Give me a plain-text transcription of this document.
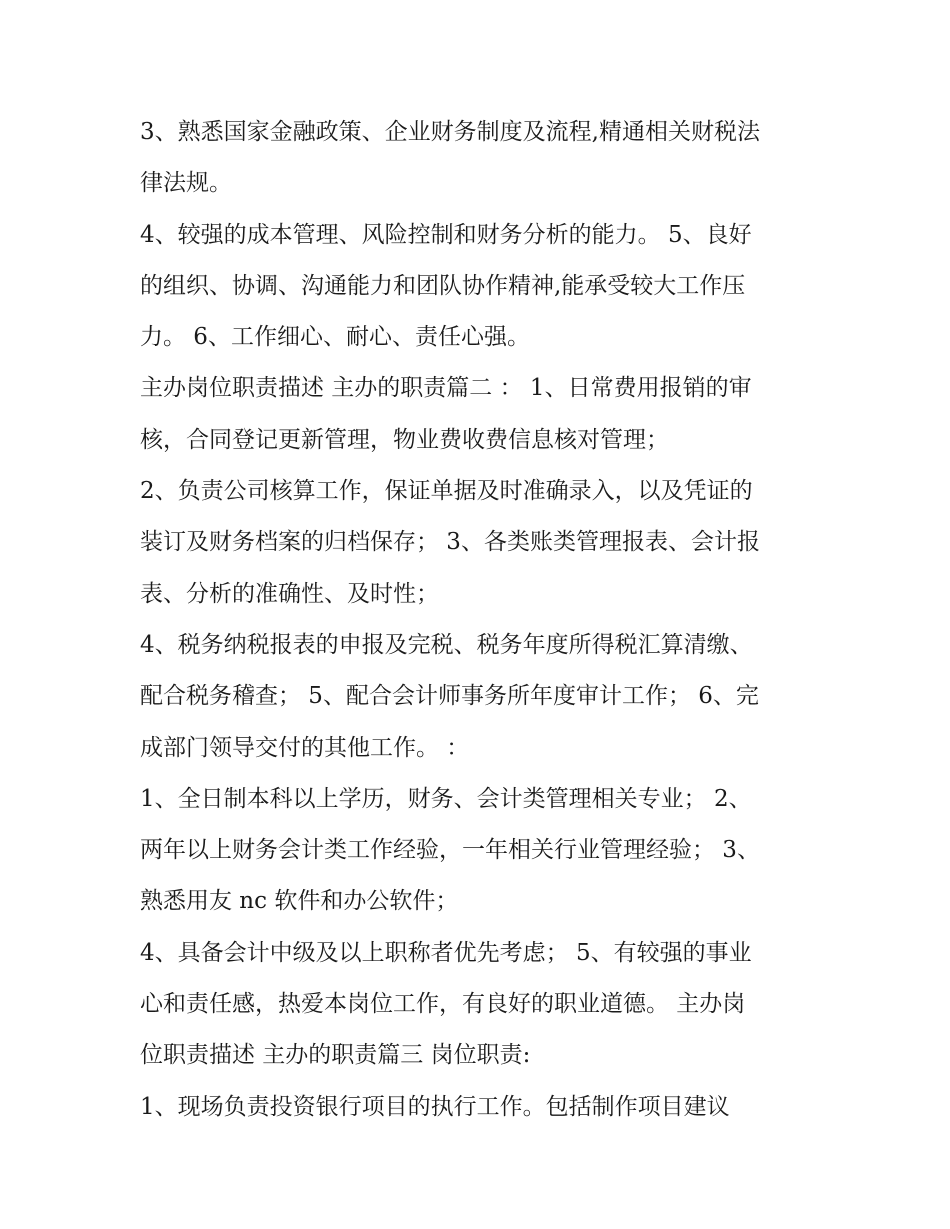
3、熟悉国家金融政策、企业财务制度及流程,精通相关财税法
律法规。
4、较强的成本管理、风险控制和财务分析的能力。 5、良好
的组织、协调、沟通能力和团队协作精神,能承受较大工作压
力。 6、工作细心、耐心、责任心强。
主办岗位职责描述 主办的职责篇二 ： 1、日常费用报销的审
核，合同登记更新管理，物业费收费信息核对管理；
2、负责公司核算工作，保证单据及时准确录入，以及凭证的
装订及财务档案的归档保存； 3、各类账类管理报表、会计报
表、分析的准确性、及时性；
4、税务纳税报表的申报及完税、税务年度所得税汇算清缴、
配合税务稽查； 5、配合会计师事务所年度审计工作； 6、完
成部门领导交付的其他工作。 ：
1、全日制本科以上学历，财务、会计类管理相关专业； 2、
两年以上财务会计类工作经验，一年相关行业管理经验； 3、
熟悉用友 nc 软件和办公软件；
4、具备会计中级及以上职称者优先考虑； 5、有较强的事业
心和责任感，热爱本岗位工作，有良好的职业道德。 主办岗
位职责描述 主办的职责篇三 岗位职责:
1、现场负责投资银行项目的执行工作。包括制作项目建议
